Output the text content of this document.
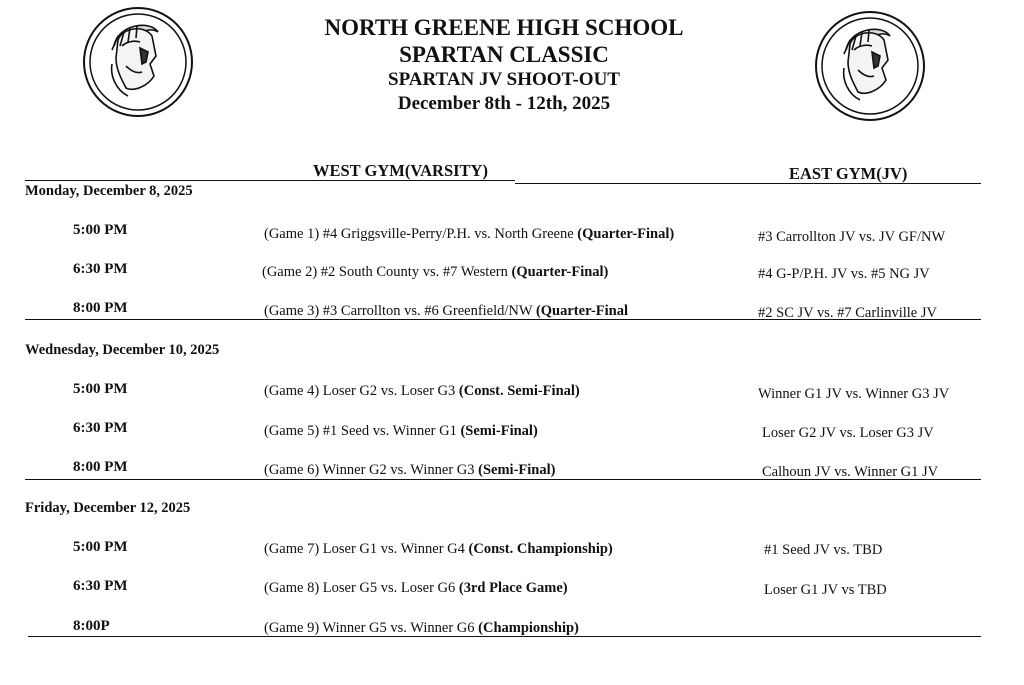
NORTH GREENE HIGH SCHOOL
SPARTAN CLASSIC
SPARTAN JV SHOOT-OUT
December 8th - 12th, 2025
WEST GYM(VARSITY)	EAST GYM(JV)
Monday, December 8, 2025
5:00 PM	(Game 1) #4 Griggsville-Perry/P.H. vs. North Greene (Quarter-Final)	#3 Carrollton JV vs. JV GF/NW
6:30 PM	(Game 2) #2 South County vs. #7 Western (Quarter-Final)	#4 G-P/P.H. JV vs. #5 NG JV
8:00 PM	(Game 3) #3 Carrollton vs. #6 Greenfield/NW (Quarter-Final	#2 SC JV vs. #7 Carlinville JV
Wednesday, December 10, 2025
5:00 PM	(Game 4) Loser G2 vs. Loser G3 (Const. Semi-Final)	Winner G1 JV vs. Winner G3 JV
6:30 PM	(Game 5) #1 Seed vs. Winner G1 (Semi-Final)	Loser G2 JV vs. Loser G3 JV
8:00 PM	(Game 6) Winner G2 vs. Winner G3 (Semi-Final)	Calhoun JV vs. Winner G1 JV
Friday, December 12, 2025
5:00 PM	(Game 7) Loser G1 vs. Winner G4 (Const. Championship)	#1 Seed JV vs. TBD
6:30 PM	(Game 8) Loser G5 vs. Loser G6 (3rd Place Game)	Loser G1 JV vs TBD
8:00P	(Game 9) Winner G5 vs. Winner G6 (Championship)
